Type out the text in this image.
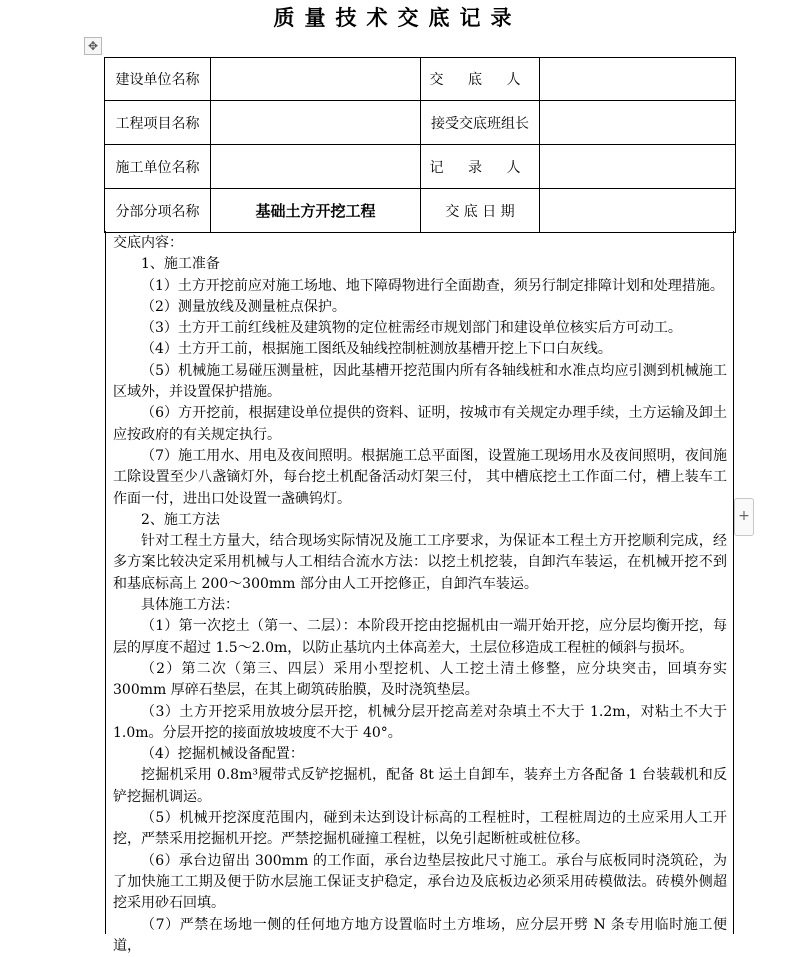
质量技术交底记录
✥
+
建设单位名称		交 底 人	
工程项目名称		接受交底班组长	
施工单位名称		记 录 人	
分部分项名称	基础土方开挖工程	交 底 日 期	

交底内容：

1、施工准备

（1）土方开挖前应对施工场地、地下障碍物进行全面勘查，须另行制定排障计划和处理措施。

（2）测量放线及测量桩点保护。

（3）土方开工前红线桩及建筑物的定位桩需经市规划部门和建设单位核实后方可动工。

（4）土方开工前，根据施工图纸及轴线控制桩测放基槽开挖上下口白灰线。

（5）机械施工易碰压测量桩，因此基槽开挖范围内所有各轴线桩和水准点均应引测到机械施工区域外，并设置保护措施。

（6）方开挖前，根据建设单位提供的资料、证明，按城市有关规定办理手续，土方运输及卸土应按政府的有关规定执行。

（7）施工用水、用电及夜间照明。根据施工总平面图，设置施工现场用水及夜间照明，夜间施工除设置至少八盏镝灯外，每台挖土机配备活动灯架三付， 其中槽底挖土工作面二付，槽上装车工作面一付，进出口处设置一盏碘钨灯。

2、施工方法

针对工程土方量大，结合现场实际情况及施工工序要求，为保证本工程土方开挖顺利完成，经多方案比较决定采用机械与人工相结合流水方法：以挖土机挖装，自卸汽车装运，在机械开挖不到和基底标高上 200～300mm 部分由人工开挖修正，自卸汽车装运。

具体施工方法：

（1）第一次挖土（第一、二层）：本阶段开挖由挖掘机由一端开始开挖，应分层均衡开挖，每层的厚度不超过 1.5～2.0m，以防止基坑内土体高差大，土层位移造成工程桩的倾斜与损坏。

（2）第二次（第三、四层）采用小型挖机、人工挖土清土修整，应分块突击，回填夯实 300mm 厚碎石垫层，在其上砌筑砖胎膜，及时浇筑垫层。

（3）土方开挖采用放坡分层开挖，机械分层开挖高差对杂填土不大于 1.2m，对粘土不大于 1.0m。分层开挖的接面放坡坡度不大于 40°。

（4）挖掘机械设备配置：

挖掘机采用 0.8m³履带式反铲挖掘机，配备 8t 运土自卸车，装弃土方各配备 1 台装载机和反铲挖掘机调运。

（5）机械开挖深度范围内，碰到未达到设计标高的工程桩时，工程桩周边的土应采用人工开挖，严禁采用挖掘机开挖。严禁挖掘机碰撞工程桩，以免引起断桩或桩位移。

（6）承台边留出 300mm 的工作面，承台边垫层按此尺寸施工。承台与底板同时浇筑砼，为了加快施工工期及便于防水层施工保证支护稳定，承台边及底板边必须采用砖模做法。砖模外侧超挖采用砂石回填。

（7）严禁在场地一侧的任何地方地方设置临时土方堆场，应分层开劈 N 条专用临时施工便道，
